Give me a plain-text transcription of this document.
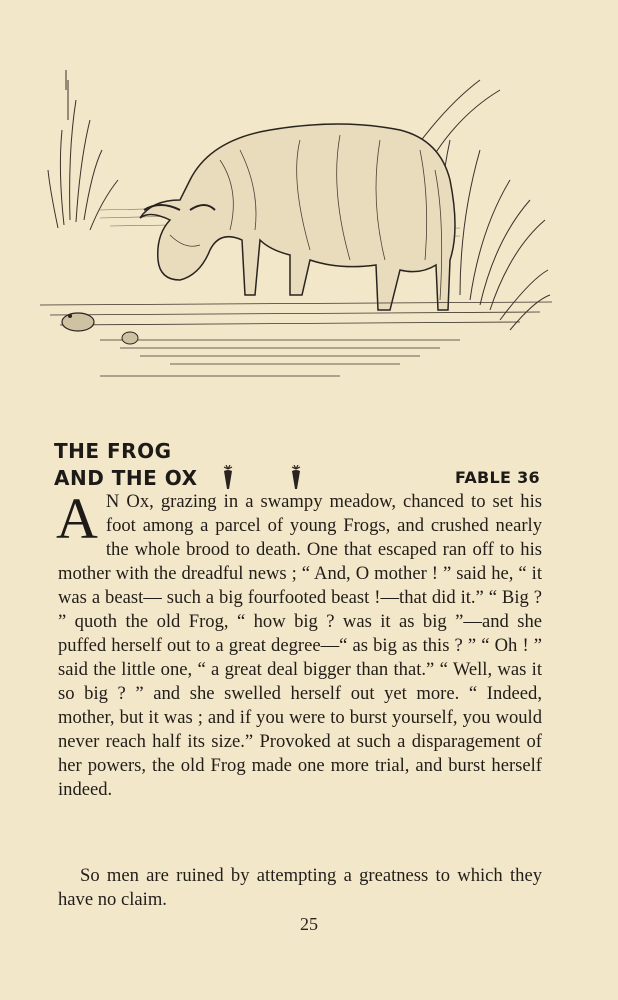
THE FROG
AND THE OX	FABLE 36
A N Ox, grazing in a swampy meadow, chanced to set his foot among a parcel of young Frogs, and crushed nearly the whole brood to death. One that escaped ran off to his mother with the dreadful news ; “ And, O mother ! ” said he, “ it was a beast— such a big fourfooted beast !—that did it.” “ Big ? ” quoth the old Frog, “ how big ? was it as big ”—and she puffed herself out to a great degree—“ as big as this ? ” “ Oh ! ” said the little one, “ a great deal bigger than that.” “ Well, was it so big ? ” and she swelled herself out yet more. “ Indeed, mother, but it was ; and if you were to burst yourself, you would never reach half its size.” Provoked at such a disparagement of her powers, the old Frog made one more trial, and burst herself indeed.
So men are ruined by attempting a greatness to which they have no claim.
25
